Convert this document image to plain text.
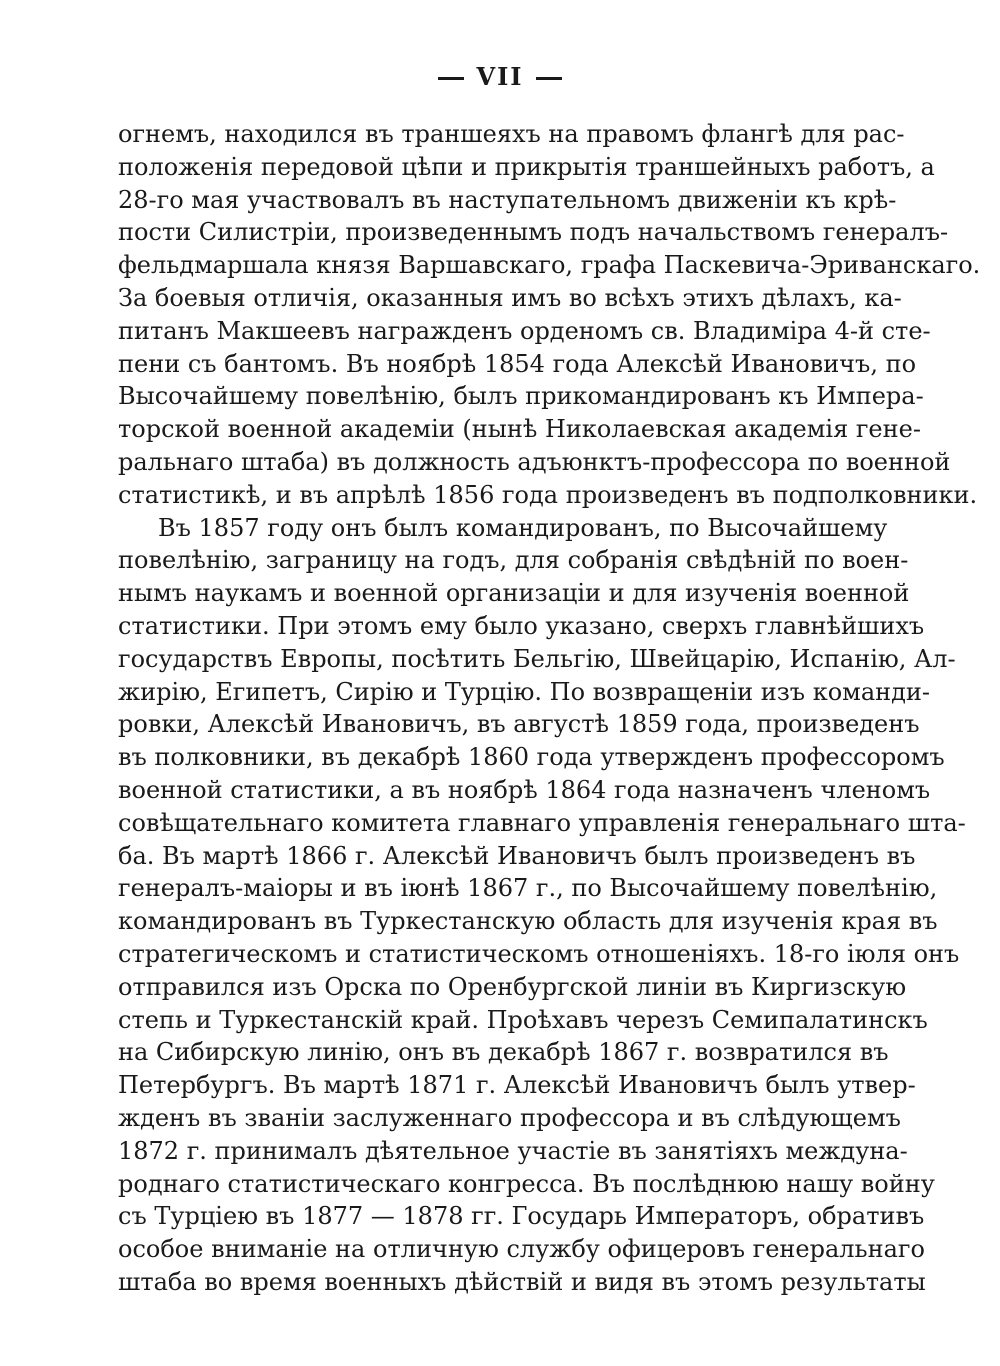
VII
огнемъ, находился въ траншеяхъ на правомъ флангѣ для рас-
положенія передовой цѣпи и прикрытія траншейныхъ работъ, а
28-го мая участвовалъ въ наступательномъ движеніи къ крѣ-
пости Силистріи, произведеннымъ подъ начальствомъ генералъ-
фельдмаршала князя Варшавскаго, графа Паскевича-Эриванскаго.
За боевыя отличія, оказанныя имъ во всѣхъ этихъ дѣлахъ, ка-
питанъ Макшеевъ награжденъ орденомъ св. Владиміра 4-й сте-
пени съ бантомъ. Въ ноябрѣ 1854 года Алексѣй Ивановичъ, по
Высочайшему повелѣнію, былъ прикомандированъ къ Импера-
торской военной академіи (нынѣ Николаевская академія гене-
ральнаго штаба) въ должность адъюнктъ-профессора по военной
статистикѣ, и въ апрѣлѣ 1856 года произведенъ въ подполковники.
Въ 1857 году онъ былъ командированъ, по Высочайшему
повелѣнію, заграницу на годъ, для собранія свѣдѣній по воен-
нымъ наукамъ и военной организаціи и для изученія военной
статистики. При этомъ ему было указано, сверхъ главнѣйшихъ
государствъ Европы, посѣтить Бельгію, Швейцарію, Испанію, Ал-
жирію, Египетъ, Сирію и Турцію. По возвращеніи изъ команди-
ровки, Алексѣй Ивановичъ, въ августѣ 1859 года, произведенъ
въ полковники, въ декабрѣ 1860 года утвержденъ профессоромъ
военной статистики, а въ ноябрѣ 1864 года назначенъ членомъ
совѣщательнаго комитета главнаго управленія генеральнаго шта-
ба. Въ мартѣ 1866 г. Алексѣй Ивановичъ былъ произведенъ въ
генералъ-маіоры и въ іюнѣ 1867 г., по Высочайшему повелѣнію,
командированъ въ Туркестанскую область для изученія края въ
стратегическомъ и статистическомъ отношеніяхъ. 18-го іюля онъ
отправился изъ Орска по Оренбургской линіи въ Киргизскую
степь и Туркестанскій край. Проѣхавъ черезъ Семипалатинскъ
на Сибирскую линію, онъ въ декабрѣ 1867 г. возвратился въ
Петербургъ. Въ мартѣ 1871 г. Алексѣй Ивановичъ былъ утвер-
жденъ въ званіи заслуженнаго профессора и въ слѣдующемъ
1872 г. принималъ дѣятельное участіе въ занятіяхъ междуна-
роднаго статистическаго конгресса. Въ послѣднюю нашу войну
съ Турціею въ 1877 — 1878 гг. Государь Императоръ, обративъ
особое вниманіе на отличную службу офицеровъ генеральнаго
штаба во время военныхъ дѣйствій и видя въ этомъ результаты
